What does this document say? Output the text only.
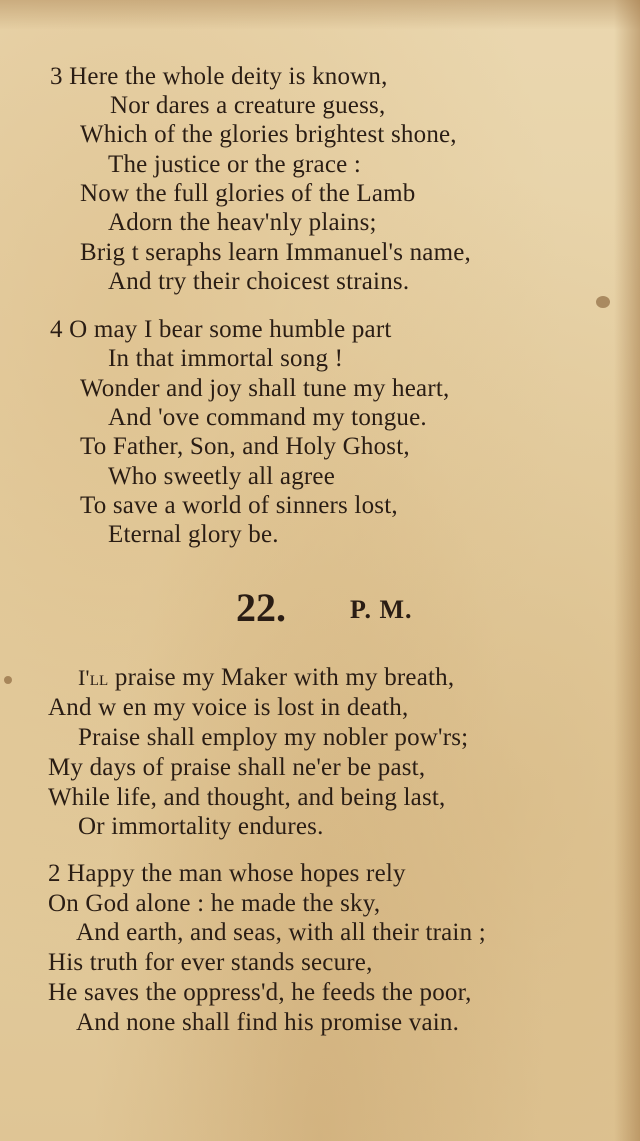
3 Here the whole deity is known,
Nor dares a creature guess,
Which of the glories brightest shone,
The justice or the grace :
Now the full glories of the Lamb
Adorn the heav'nly plains;
Brig t seraphs learn Immanuel's name,
And try their choicest strains.
4 O may I bear some humble part
In that immortal song !
Wonder and joy shall tune my heart,
And 'ove command my tongue.
To Father, Son, and Holy Ghost,
Who sweetly all agree
To save a world of sinners lost,
Eternal glory be.
22. P. M.
I'll praise my Maker with my breath,
And w en my voice is lost in death,
Praise shall employ my nobler pow'rs;
My days of praise shall ne'er be past,
While life, and thought, and being last,
Or immortality endures.
2 Happy the man whose hopes rely
On God alone : he made the sky,
And earth, and seas, with all their train ;
His truth for ever stands secure,
He saves the oppress'd, he feeds the poor,
And none shall find his promise vain.
